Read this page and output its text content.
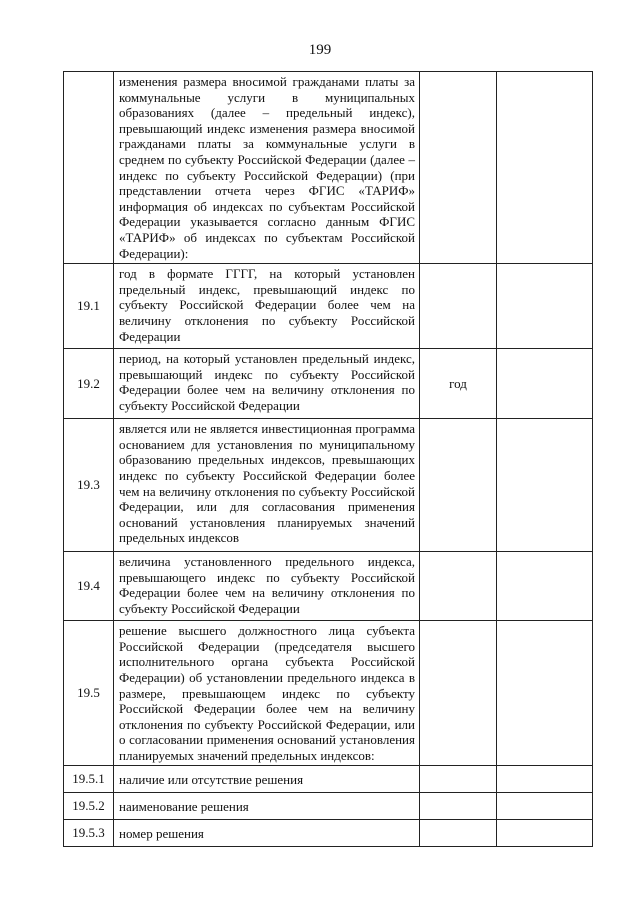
199
	изменения размера вносимой гражданами платы за коммунальные услуги в муниципальных образованиях (далее – предельный индекс), превышающий индекс изменения размера вносимой гражданами платы за коммунальные услуги в среднем по субъекту Российской Федерации (далее – индекс по субъекту Российской Федерации) (при представлении отчета через ФГИС «ТАРИФ» информация об индексах по субъектам Российской Федерации указывается согласно данным ФГИС «ТАРИФ» об индексах по субъектам Российской Федерации):		
19.1	год в формате ГГГГ, на который установлен предельный индекс, превышающий индекс по субъекту Российской Федерации более чем на величину отклонения по субъекту Российской Федерации		
19.2	период, на который установлен предельный индекс, превышающий индекс по субъекту Российской Федерации более чем на величину отклонения по субъекту Российской Федерации	год	
19.3	является или не является инвестиционная программа основанием для установления по муниципальному образованию предельных индексов, превышающих индекс по субъекту Российской Федерации более чем на величину отклонения по субъекту Российской Федерации, или для согласования применения оснований установления планируемых значений предельных индексов		
19.4	величина установленного предельного индекса, превышающего индекс по субъекту Российской Федерации более чем на величину отклонения по субъекту Российской Федерации		
19.5	решение высшего должностного лица субъекта Российской Федерации (председателя высшего исполнительного органа субъекта Российской Федерации) об установлении предельного индекса в размере, превышающем индекс по субъекту Российской Федерации более чем на величину отклонения по субъекту Российской Федерации, или о согласовании применения оснований установления планируемых значений предельных индексов:		
19.5.1	наличие или отсутствие решения		
19.5.2	наименование решения		
19.5.3	номер решения		
